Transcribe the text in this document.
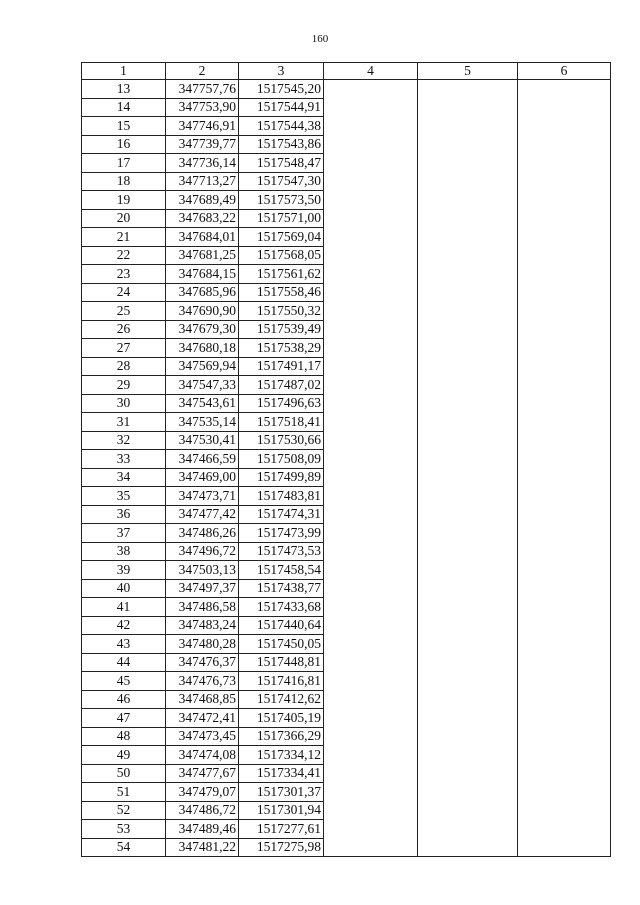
160
1	2	3	4	5	6
13	347757,76	1517545,20			
14	347753,90	1517544,91			
15	347746,91	1517544,38			
16	347739,77	1517543,86			
17	347736,14	1517548,47			
18	347713,27	1517547,30			
19	347689,49	1517573,50			
20	347683,22	1517571,00			
21	347684,01	1517569,04			
22	347681,25	1517568,05			
23	347684,15	1517561,62			
24	347685,96	1517558,46			
25	347690,90	1517550,32			
26	347679,30	1517539,49			
27	347680,18	1517538,29			
28	347569,94	1517491,17			
29	347547,33	1517487,02			
30	347543,61	1517496,63			
31	347535,14	1517518,41			
32	347530,41	1517530,66			
33	347466,59	1517508,09			
34	347469,00	1517499,89			
35	347473,71	1517483,81			
36	347477,42	1517474,31			
37	347486,26	1517473,99			
38	347496,72	1517473,53			
39	347503,13	1517458,54			
40	347497,37	1517438,77			
41	347486,58	1517433,68			
42	347483,24	1517440,64			
43	347480,28	1517450,05			
44	347476,37	1517448,81			
45	347476,73	1517416,81			
46	347468,85	1517412,62			
47	347472,41	1517405,19			
48	347473,45	1517366,29			
49	347474,08	1517334,12			
50	347477,67	1517334,41			
51	347479,07	1517301,37			
52	347486,72	1517301,94			
53	347489,46	1517277,61			
54	347481,22	1517275,98			
